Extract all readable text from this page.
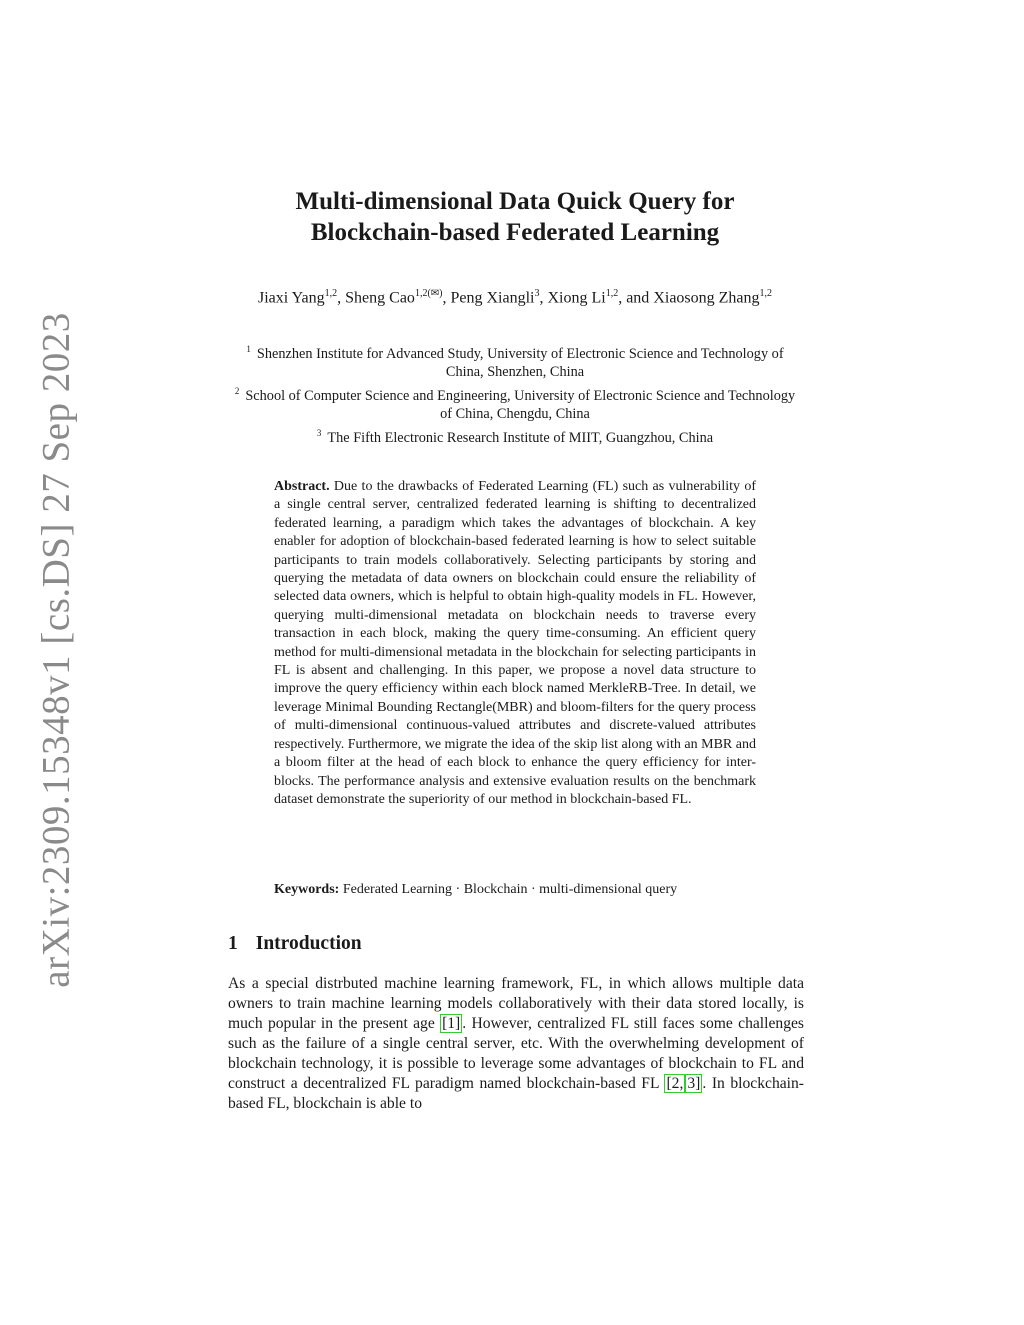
arXiv:2309.15348v1 [cs.DS] 27 Sep 2023
Multi-dimensional Data Quick Query for
Blockchain-based Federated Learning
Jiaxi Yang$^{1,2}$, Sheng Cao$^{1,2(✉)}$, Peng Xiangli$^3$, Xiong Li$^{1,2}$, and Xiaosong Zhang$^{1,2}$
$^1$ Shenzhen Institute for Advanced Study, University of Electronic Science and Technology of China, Shenzhen, China
$^2$ School of Computer Science and Engineering, University of Electronic Science and Technology of China, Chengdu, China
$^3$ The Fifth Electronic Research Institute of MIIT, Guangzhou, China
Abstract. Due to the drawbacks of Federated Learning (FL) such as vulnerability of a single central server, centralized federated learning is shifting to decentralized federated learning, a paradigm which takes the advantages of blockchain. A key enabler for adoption of blockchain-based federated learning is how to select suitable participants to train models collaboratively. Selecting participants by storing and querying the metadata of data owners on blockchain could ensure the reliability of selected data owners, which is helpful to obtain high-quality models in FL. However, querying multi-dimensional metadata on blockchain needs to traverse every transaction in each block, making the query time-consuming. An efficient query method for multi-dimensional metadata in the blockchain for selecting participants in FL is absent and challenging. In this paper, we propose a novel data structure to improve the query efficiency within each block named MerkleRB-Tree. In detail, we leverage Minimal Bounding Rectangle(MBR) and bloom-filters for the query process of multi-dimensional continuous-valued attributes and discrete-valued attributes respectively. Furthermore, we migrate the idea of the skip list along with an MBR and a bloom filter at the head of each block to enhance the query efficiency for inter-blocks. The performance analysis and extensive evaluation results on the benchmark dataset demonstrate the superiority of our method in blockchain-based FL.
Keywords: Federated Learning · Blockchain · multi-dimensional query
1 Introduction
As a special distrbuted machine learning framework, FL, in which allows multiple data owners to train machine learning models collaboratively with their data stored locally, is much popular in the present age [1] . However, centralized FL still faces some challenges such as the failure of a single central server, etc. With the overwhelming development of blockchain technology, it is possible to leverage some advantages of blockchain to FL and construct a decentralized FL paradigm named blockchain-based FL [2, 3] . In blockchain-based FL, blockchain is able to
